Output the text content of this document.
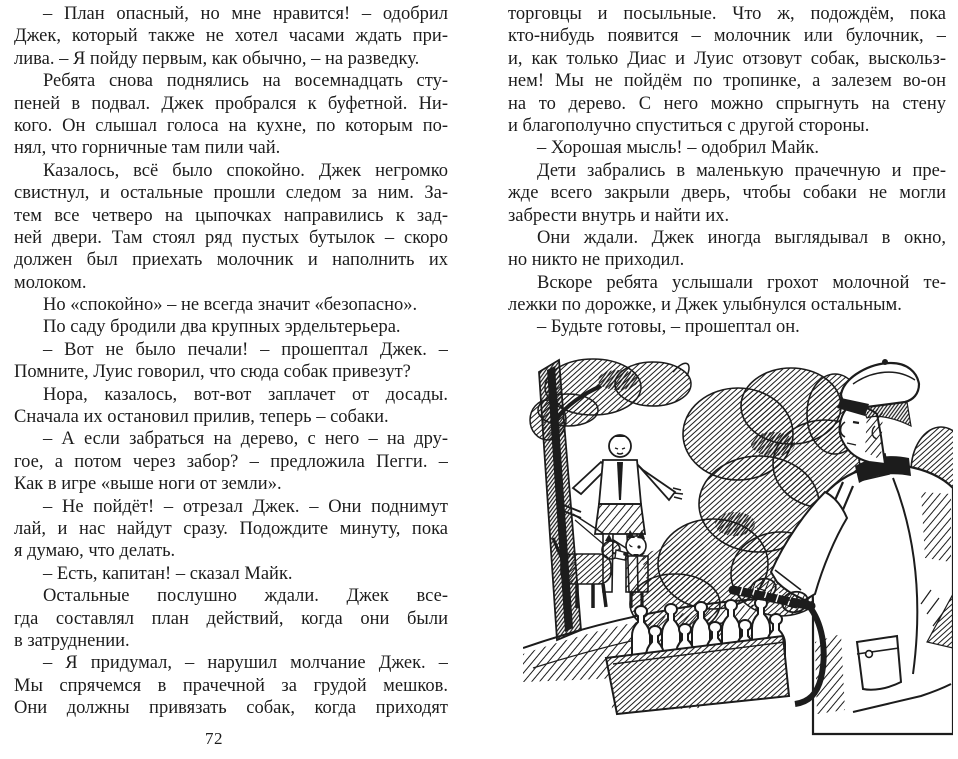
– План опасный, но мне нравится! – одобрил
Джек, который также не хотел часами ждать при-
лива. – Я пойду первым, как обычно, – на разведку.
Ребята снова поднялись на восемнадцать сту-
пеней в подвал. Джек пробрался к буфетной. Ни-
кого. Он слышал голоса на кухне, по которым по-
нял, что горничные там пили чай.
Казалось, всё было спокойно. Джек негромко
свистнул, и остальные прошли следом за ним. За-
тем все четверо на цыпочках направились к зад-
ней двери. Там стоял ряд пустых бутылок – скоро
должен был приехать молочник и наполнить их
молоком.
Но «спокойно» – не всегда значит «безопасно».
По саду бродили два крупных эрдельтерьера.
– Вот не было печали! – прошептал Джек. –
Помните, Луис говорил, что сюда собак привезут?
Нора, казалось, вот-вот заплачет от досады.
Сначала их остановил прилив, теперь – собаки.
– А если забраться на дерево, с него – на дру-
гое, а потом через забор? – предложила Пегги. –
Как в игре «выше ноги от земли».
– Не пойдёт! – отрезал Джек. – Они поднимут
лай, и нас найдут сразу. Подождите минуту, пока
я думаю, что делать.
– Есть, капитан! – сказал Майк.
Остальные послушно ждали. Джек все-
гда составлял план действий, когда они были
в затруднении.
– Я придумал, – нарушил молчание Джек. –
Мы спрячемся в прачечной за грудой мешков.
Они должны привязать собак, когда приходят
торговцы и посыльные. Что ж, подождём, пока
кто-нибудь появится – молочник или булочник, –
и, как только Диас и Луис отзовут собак, выскольз-
нем! Мы не пойдём по тропинке, а залезем во-он
на то дерево. С него можно спрыгнуть на стену
и благополучно спуститься с другой стороны.
– Хорошая мысль! – одобрил Майк.
Дети забрались в маленькую прачечную и пре-
жде всего закрыли дверь, чтобы собаки не могли
забрести внутрь и найти их.
Они ждали. Джек иногда выглядывал в окно,
но никто не приходил.
Вскоре ребята услышали грохот молочной те-
лежки по дорожке, и Джек улыбнулся остальным.
– Будьте готовы, – прошептал он.
72
